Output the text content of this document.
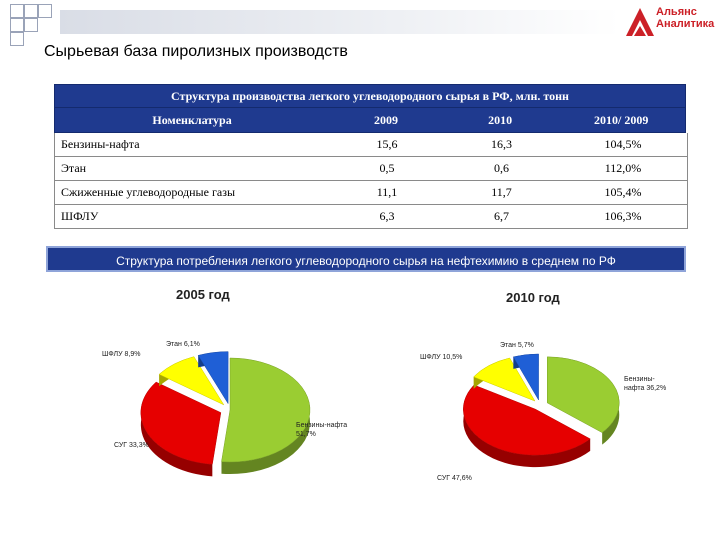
Альянс
Аналитика
Сырьевая база пиролизных производств
Структура производства легкого углеводородного сырья в РФ, млн. тонн
Номенклатура	2009	2010	2010/ 2009
Бензины-нафта	15,6	16,3	104,5%
Этан	0,5	0,6	112,0%
Сжиженные углеводородные газы	11,1	11,7	105,4%
ШФЛУ	6,3	6,7	106,3%
Структура потребления легкого углеводородного сырья на нефтехимию в среднем по РФ
2005 год	2010 год
Бензины-нафта 51,7%
СУГ 33,3%
ШФЛУ 8,9%
Этан 6,1%
Бензины-нафта 36,2%
СУГ 47,6%
ШФЛУ 10,5%
Этан 5,7%
